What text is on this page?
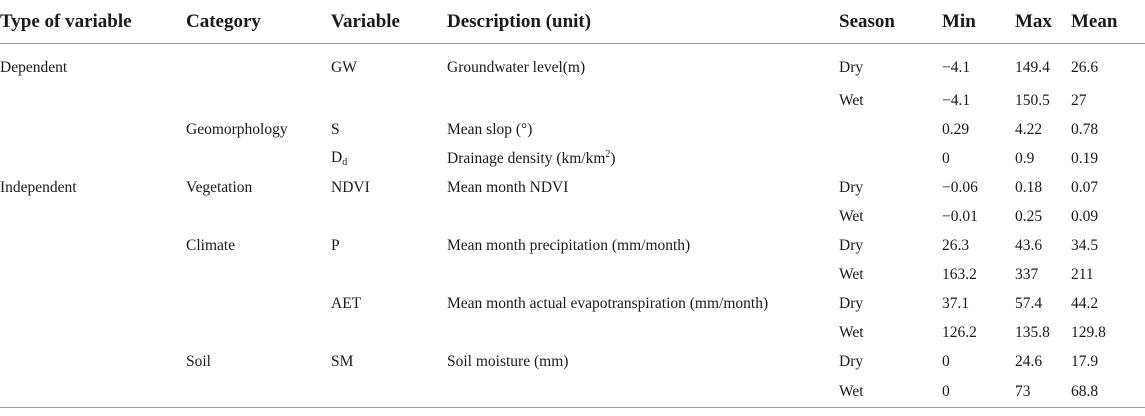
Type of variable	Category	Variable	Description (unit)	Season	Min	Max	Mean
Dependent		GW	Groundwater level(m)	Dry	−4.1	149.4	26.6
				Wet	−4.1	150.5	27
	Geomorphology	S	Mean slop (°)		0.29	4.22	0.78
		$D_d$	Drainage density $(km/km^2)$		0	0.9	0.19
Independent	Vegetation	NDVI	Mean month NDVI	Dry	−0.06	0.18	0.07
				Wet	−0.01	0.25	0.09
	Climate	P	Mean month precipitation (mm/month)	Dry	26.3	43.6	34.5
				Wet	163.2	337	211
		AET	Mean month actual evapotranspiration (mm/month)	Dry	37.1	57.4	44.2
				Wet	126.2	135.8	129.8
	Soil	SM	Soil moisture (mm)	Dry	0	24.6	17.9
				Wet	0	73	68.8
